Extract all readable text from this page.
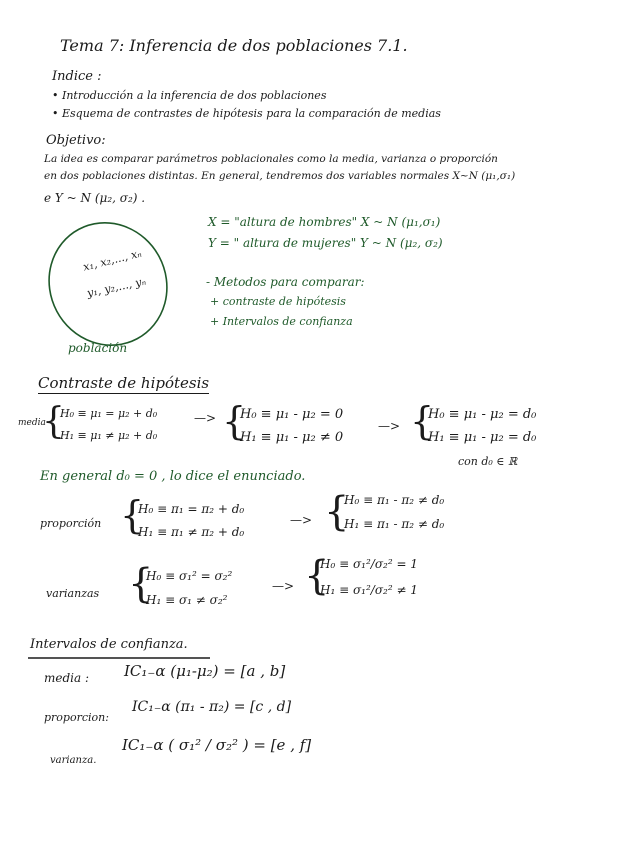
Tema 7: Inferencia de dos poblaciones 7.1.
Indice :
• Introducción a la inferencia de dos poblaciones
• Esquema de contrastes de hipótesis para la comparación de medias
Objetivo:
La idea es comparar parámetros poblacionales como la media, varianza o proporción
en dos poblaciones distintas. En general, tendremos dos variables normales X~N (μ₁,σ₁)
e Y ~ N (μ₂, σ₂) .
X = "altura de hombres" X ~ N (μ₁,σ₁)
Y = " altura de mujeres" Y ~ N (μ₂, σ₂)
x₁, x₂,..., xₙ
y₁, y₂,..., yₙ
población
- Metodos para comparar:
+ contraste de hipótesis
+ Intervalos de confianza
Contraste de hipótesis
media
{
H₀ ≡ μ₁ = μ₂ + d₀
H₁ ≡ μ₁ ≠ μ₂ + d₀
—> {
H₀ ≡ μ₁ - μ₂ = 0
H₁ ≡ μ₁ - μ₂ ≠ 0
—> {
H₀ ≡ μ₁ - μ₂ = d₀
H₁ ≡ μ₁ - μ₂ = d₀
con d₀ ∈ ℝ
En general d₀ = 0 , lo dice el enunciado.
proporción {
H₀ ≡ π₁ = π₂ + d₀
H₁ ≡ π₁ ≠ π₂ + d₀
—> {
H₀ ≡ π₁ - π₂ ≠ d₀
H₁ ≡ π₁ - π₂ ≠ d₀
varianzas {
H₀ ≡ σ₁² = σ₂²
H₁ ≡ σ₁ ≠ σ₂²
—> {
H₀ ≡ σ₁²/σ₂² = 1
H₁ ≡ σ₁²/σ₂² ≠ 1
Intervalos de confianza.
media : IC₁₋α (μ₁-μ₂) = [a , b]
proporcion:
IC₁₋α (π₁ - π₂) = [c , d]
varianza.
IC₁₋α ( σ₁² / σ₂² ) = [e , f]
